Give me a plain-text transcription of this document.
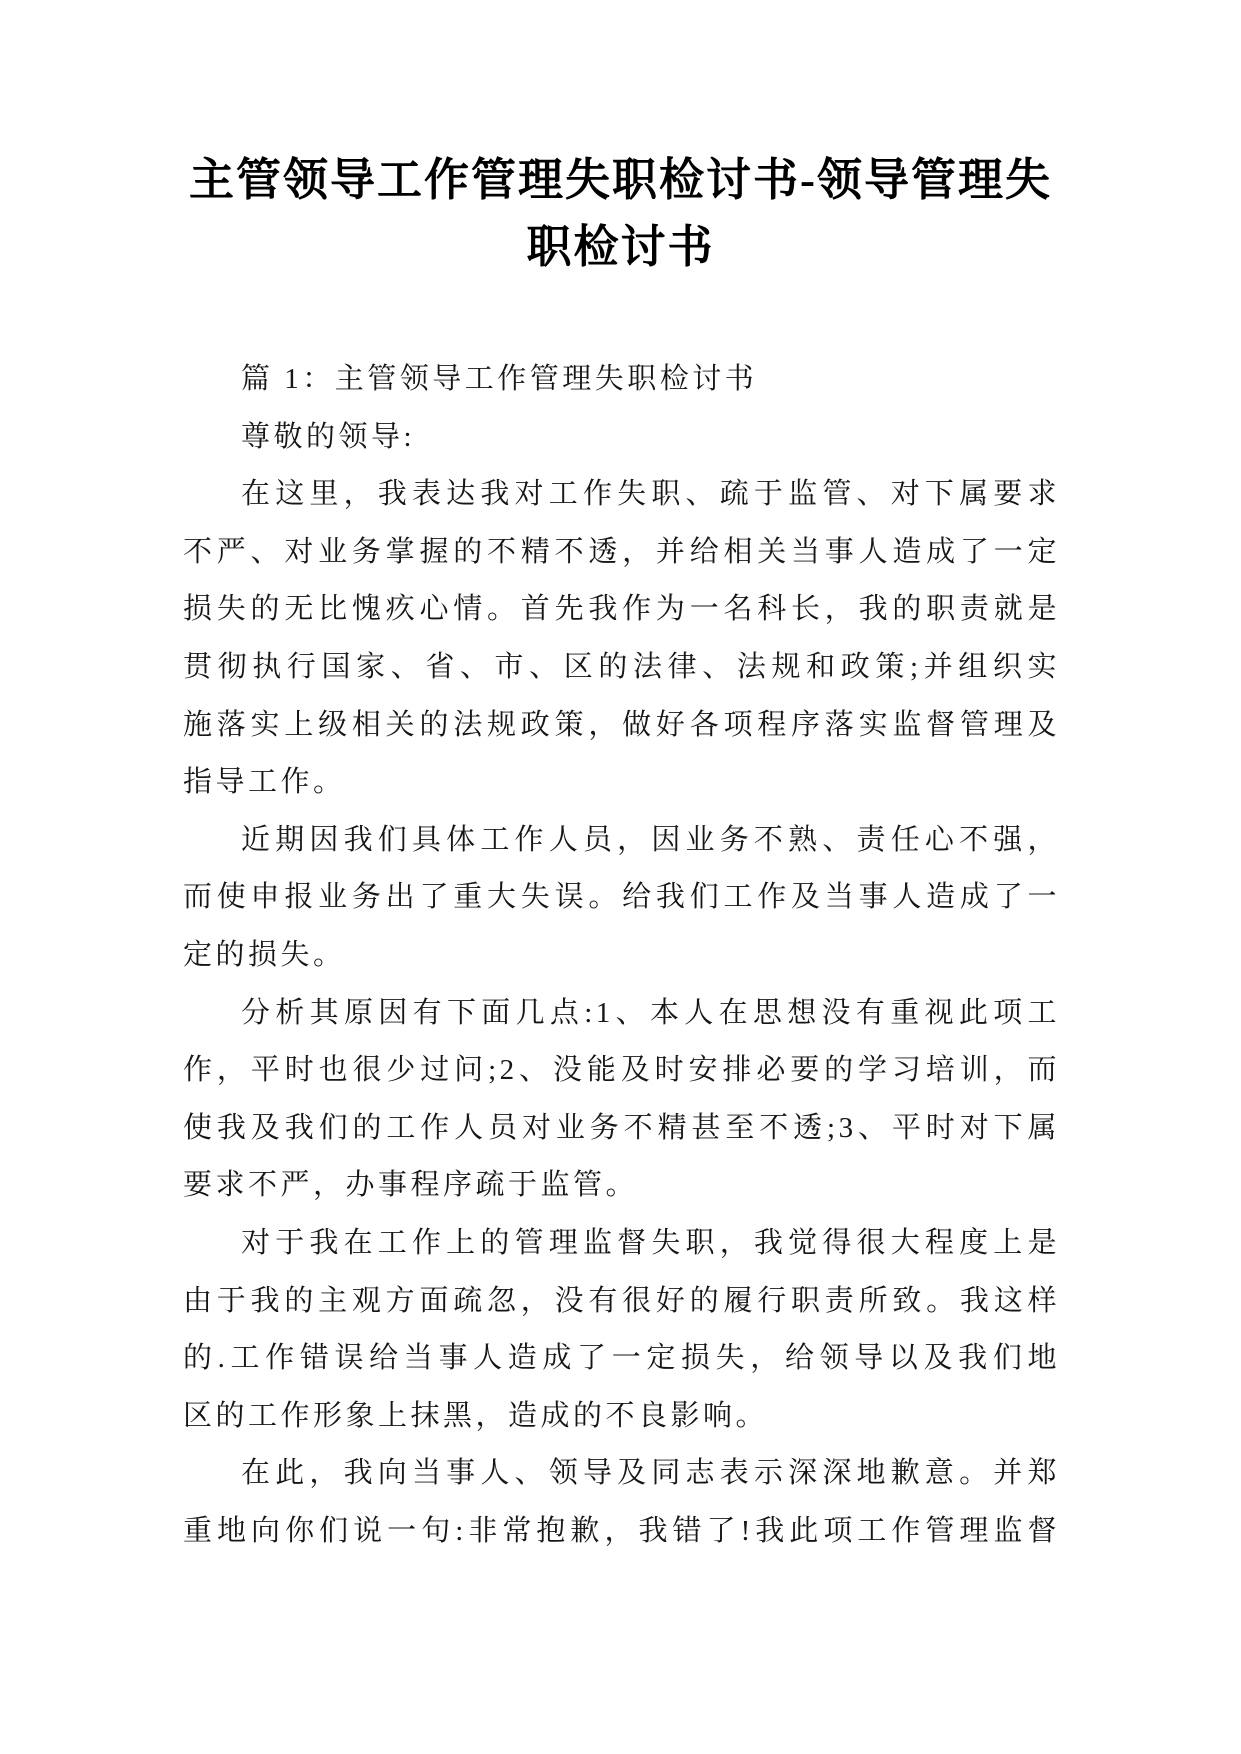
主管领导工作管理失职检讨书-领导管理失
职检讨书
篇 1：主管领导工作管理失职检讨书
尊敬的领导:
在这里，我表达我对工作失职、疏于监管、对下属要求
不严、对业务掌握的不精不透，并给相关当事人造成了一定
损失的无比愧疚心情。首先我作为一名科长，我的职责就是
贯彻执行国家、省、市、区的法律、法规和政策;并组织实
施落实上级相关的法规政策，做好各项程序落实监督管理及
指导工作。
近期因我们具体工作人员，因业务不熟、责任心不强，
而使申报业务出了重大失误。给我们工作及当事人造成了一
定的损失。
分析其原因有下面几点:1、本人在思想没有重视此项工
作，平时也很少过问;2、没能及时安排必要的学习培训，而
使我及我们的工作人员对业务不精甚至不透;3、平时对下属
要求不严，办事程序疏于监管。
对于我在工作上的管理监督失职，我觉得很大程度上是
由于我的主观方面疏忽，没有很好的履行职责所致。我这样
的.工作错误给当事人造成了一定损失，给领导以及我们地
区的工作形象上抹黑，造成的不良影响。
在此，我向当事人、领导及同志表示深深地歉意。并郑
重地向你们说一句:非常抱歉，我错了!我此项工作管理监督
